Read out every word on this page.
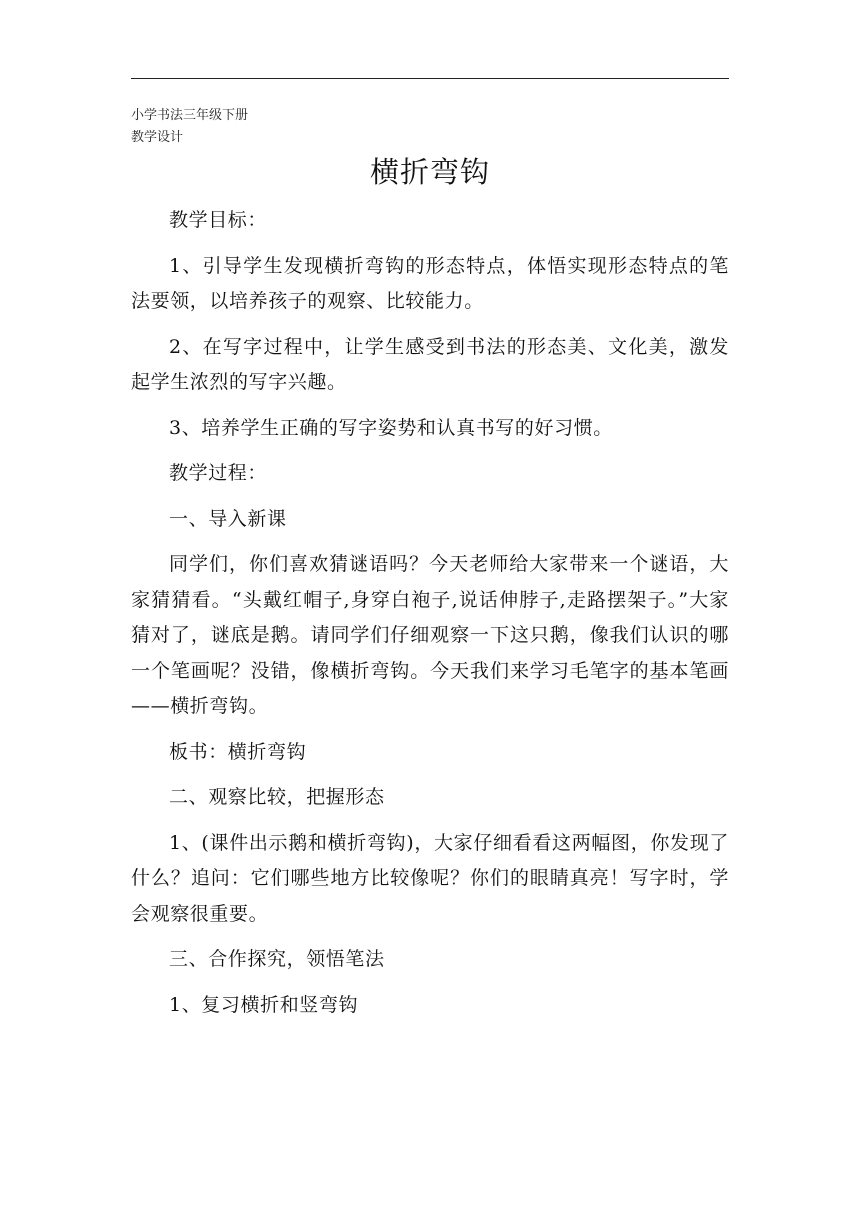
小学书法三年级下册
教学设计
横折弯钩

教学目标：

1、引导学生发现横折弯钩的形态特点，体悟实现形态特点的笔法要领，以培养孩子的观察、比较能力。

2、在写字过程中，让学生感受到书法的形态美、文化美，激发起学生浓烈的写字兴趣。

3、培养学生正确的写字姿势和认真书写的好习惯。

教学过程：

一、导入新课

同学们，你们喜欢猜谜语吗？今天老师给大家带来一个谜语，大家猜猜看。“头戴红帽子,身穿白袍子,说话伸脖子,走路摆架子。”大家猜对了，谜底是鹅。请同学们仔细观察一下这只鹅，像我们认识的哪一个笔画呢？没错，像横折弯钩。今天我们来学习毛笔字的基本笔画——横折弯钩。

板书：横折弯钩

二、观察比较，把握形态

1、(课件出示鹅和横折弯钩)，大家仔细看看这两幅图，你发现了什么？追问：它们哪些地方比较像呢？你们的眼睛真亮！写字时，学会观察很重要。

三、合作探究，领悟笔法

1、复习横折和竖弯钩
